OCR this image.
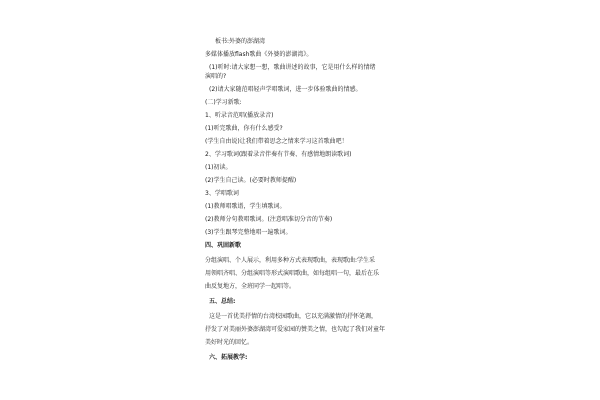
板书:外婆的澎湖湾

多媒体播放flash歌曲《外婆的澎湖湾》。

(1)听时:请大家想一想，歌曲讲述的故事，它是用什么样的情绪

演唱的?

(2)请大家随范唱轻声学唱歌词，进一步体验歌曲的情感。

(二)学习新歌:

1、听录音范唱(播放录音)

(1)听完歌曲，你有什么感受?

(学生自由说)让我们带着思念之情来学习这首歌曲吧！

2、学习歌词(跟着录音伴奏有节奏、有感情地朗读歌词)

(1)初读。

(2)学生自己读。(必要时教师提醒)

3、学唱歌词

(1)教师唱歌谱，学生填歌词。

(2)教师分句教唱歌词。(注意唱准切分音的节奏)

(3)学生跟琴完整地唱一遍歌词。

四、巩固新歌

分组演唱、个人展示，利用多种方式表现歌曲，表现歌曲:学生采

用领唱齐唱、分组演唱等形式演唱歌曲，如每组唱一句，最后在乐

曲反复地方，全班同学一起唱等。

五、总结:

这是一首优美抒情的台湾校园歌曲，它以充满激情的抒怀笔调，

抒发了对美丽外婆澎湖湾可爱家园的赞美之情，也勾起了我们对童年

美好时光的回忆。

六、拓展教学:
